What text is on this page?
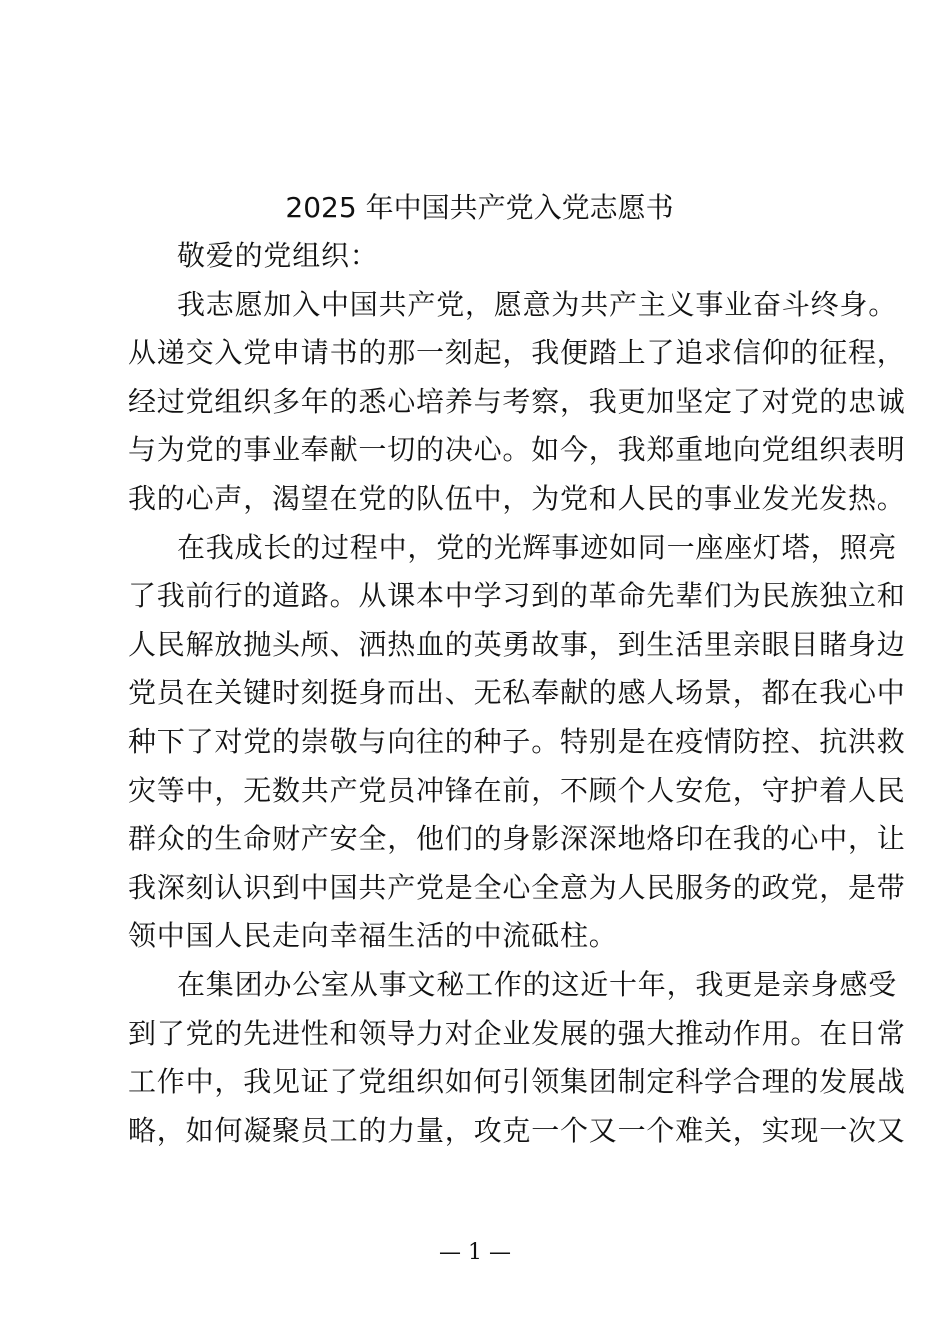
2025 年中国共产党入党志愿书

敬爱的党组织：

我志愿加入中国共产党，愿意为共产主义事业奋斗终身。

从递交入党申请书的那一刻起，我便踏上了追求信仰的征程，

经过党组织多年的悉心培养与考察，我更加坚定了对党的忠诚

与为党的事业奉献一切的决心。如今，我郑重地向党组织表明

我的心声，渴望在党的队伍中，为党和人民的事业发光发热。

在我成长的过程中，党的光辉事迹如同一座座灯塔，照亮

了我前行的道路。从课本中学习到的革命先辈们为民族独立和

人民解放抛头颅、洒热血的英勇故事，到生活里亲眼目睹身边

党员在关键时刻挺身而出、无私奉献的感人场景，都在我心中

种下了对党的崇敬与向往的种子。特别是在疫情防控、抗洪救

灾等中，无数共产党员冲锋在前，不顾个人安危，守护着人民

群众的生命财产安全，他们的身影深深地烙印在我的心中，让

我深刻认识到中国共产党是全心全意为人民服务的政党，是带

领中国人民走向幸福生活的中流砥柱。

在集团办公室从事文秘工作的这近十年，我更是亲身感受

到了党的先进性和领导力对企业发展的强大推动作用。在日常

工作中，我见证了党组织如何引领集团制定科学合理的发展战

略，如何凝聚员工的力量，攻克一个又一个难关，实现一次又

— 1 —
